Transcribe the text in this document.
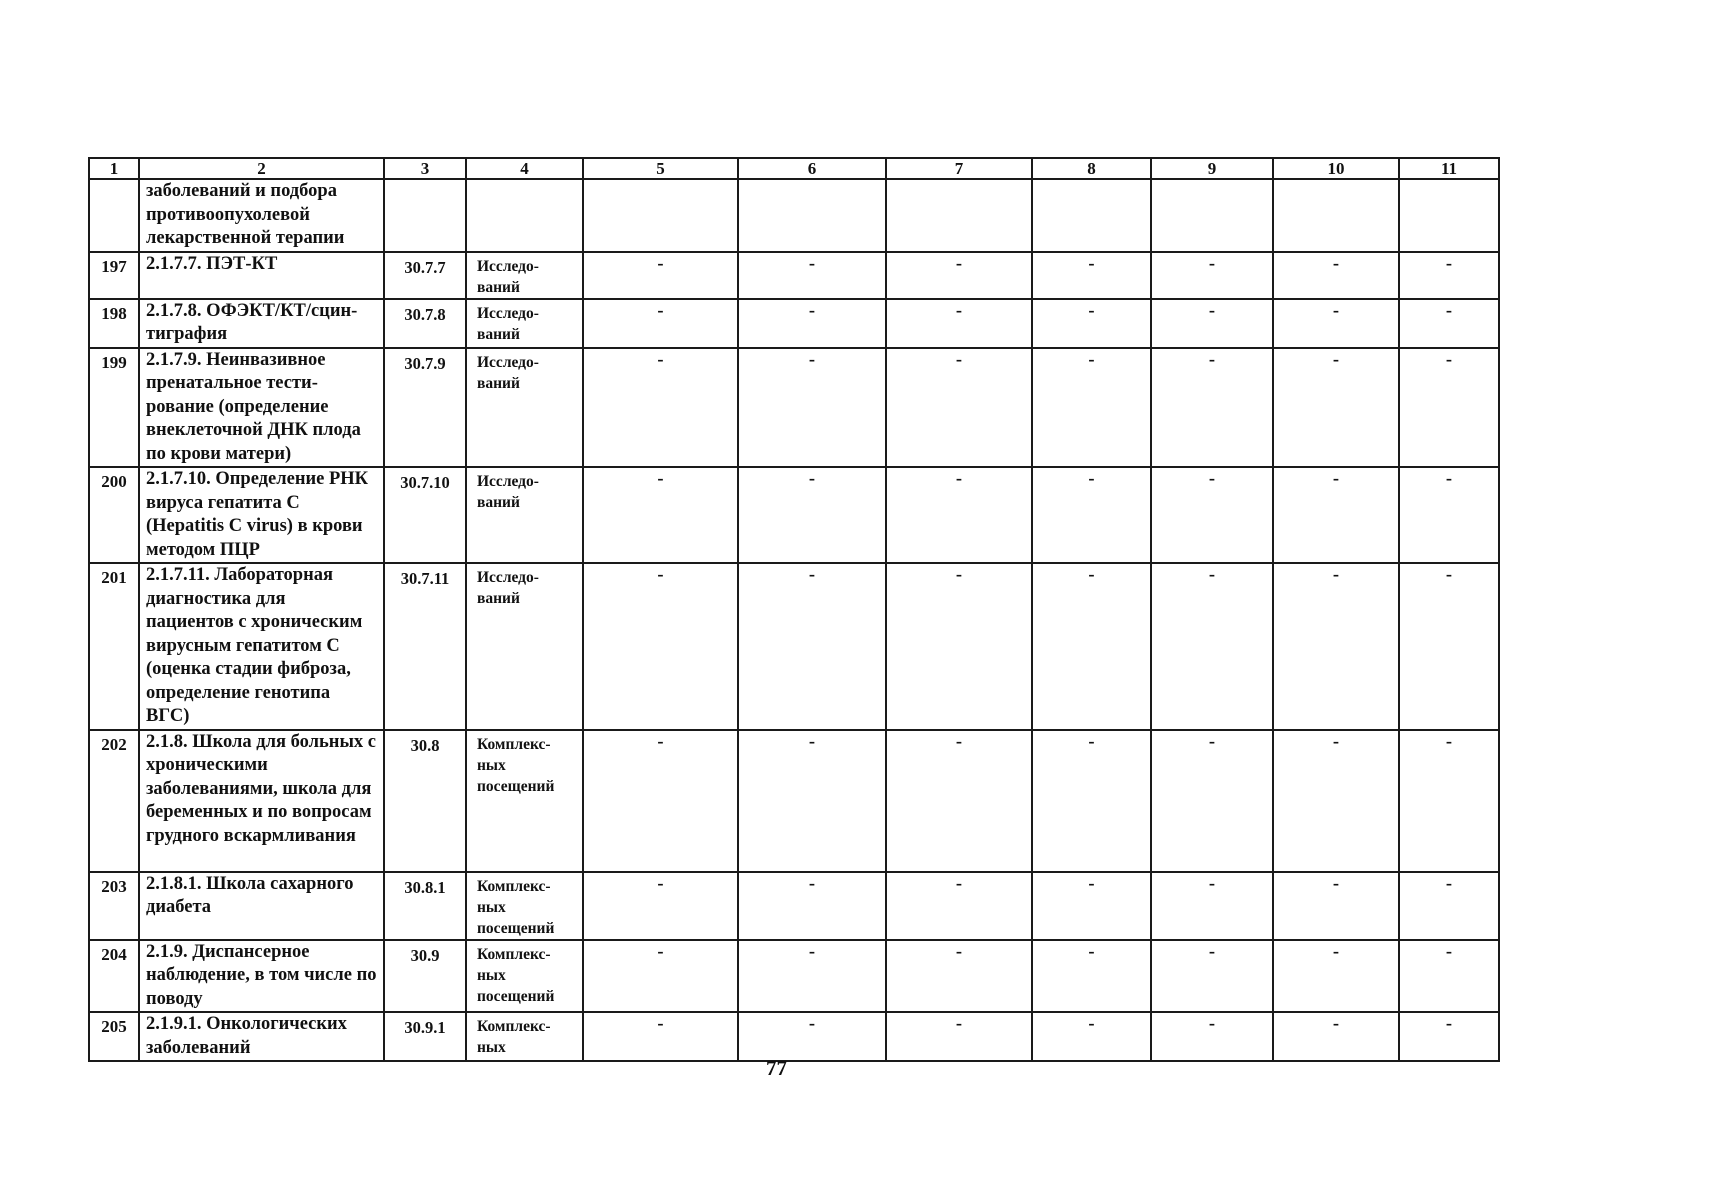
1	2	3	4	5	6	7	8	9	10	11
	заболеваний и подбора противоопухолевой лекарственной терапии									
197	2.1.7.7. ПЭТ-КТ	30.7.7	Исследо- ваний	-	-	-	-	-	-	-
198	2.1.7.8. ОФЭКТ/КТ/сцин- тиграфия	30.7.8	Исследо- ваний	-	-	-	-	-	-	-
199	2.1.7.9. Неинвазивное пренатальное тести- рование (определение внеклеточной ДНК плода по крови матери)	30.7.9	Исследо- ваний	-	-	-	-	-	-	-
200	2.1.7.10. Определение РНК вируса гепатита С (Hepatitis C virus) в крови методом ПЦР	30.7.10	Исследо- ваний	-	-	-	-	-	-	-
201	2.1.7.11. Лабораторная диагностика для пациентов с хроническим вирусным гепатитом С (оценка стадии фиброза, определение генотипа ВГС)	30.7.11	Исследо- ваний	-	-	-	-	-	-	-
202	2.1.8. Школа для больных с хроническими заболеваниями, школа для беременных и по вопросам грудного вскармливания	30.8	Комплекс- ных посещений	-	-	-	-	-	-	-
203	2.1.8.1. Школа сахарного диабета	30.8.1	Комплекс- ных посещений	-	-	-	-	-	-	-
204	2.1.9. Диспансерное наблюдение, в том числе по поводу	30.9	Комплекс- ных посещений	-	-	-	-	-	-	-
205	2.1.9.1. Онкологических заболеваний	30.9.1	Комплекс- ных	-	-	-	-	-	-	-
77
